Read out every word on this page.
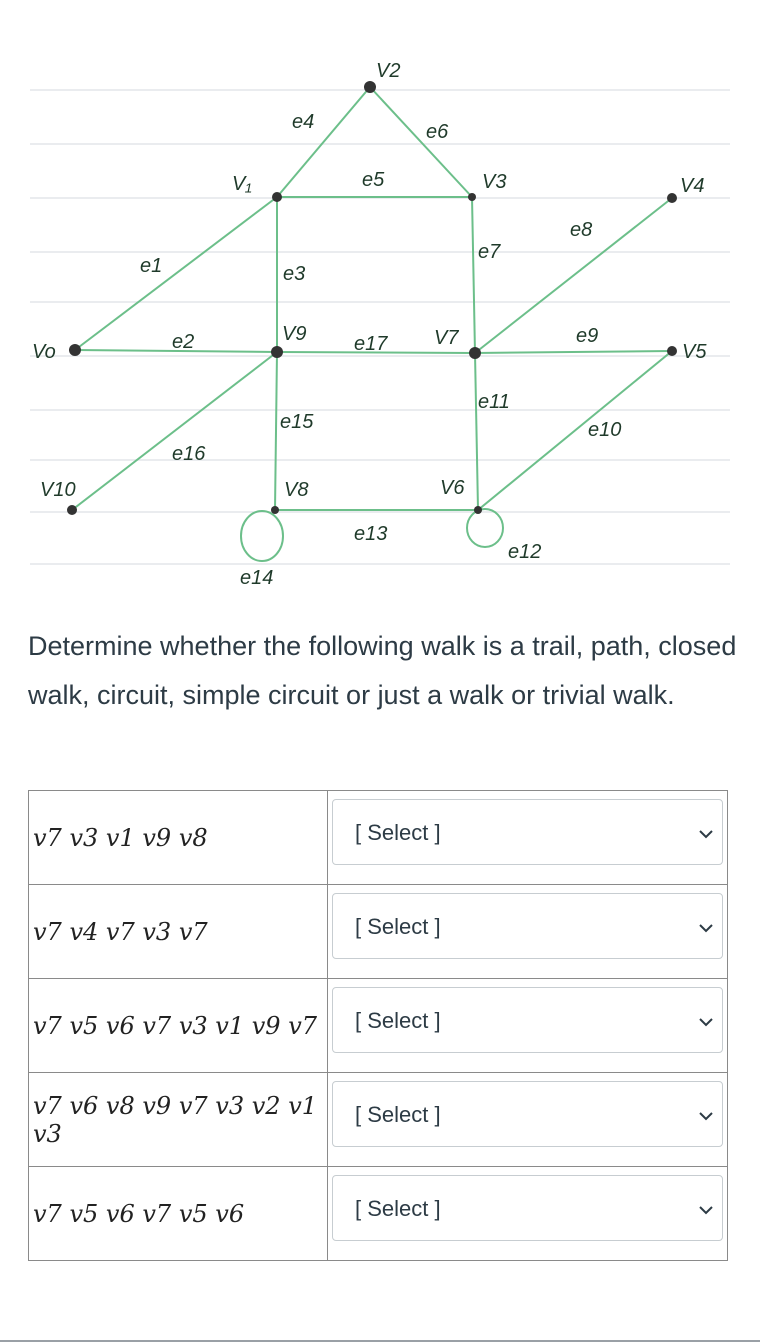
Vo
V₁
V2
V3	V4
V5
V6
V7
V8
V9
V10
e1
e2
e3
e4
e5
e6
e7
e8
e9
e10
e11
e12
e13
e14
e15
e16
e17
Determine whether the following walk is a trail, path, closed walk, circuit, simple circuit or just a walk or trivial walk.
v7 v3 v1 v9 v8	[ Select ]

v7 v4 v7 v3 v7	[ Select ]

v7 v5 v6 v7 v3 v1 v9 v7	[ Select ]

v7 v6 v8 v9 v7 v3 v2 v1 v3	[ Select ]

v7 v5 v6 v7 v5 v6	[ Select ]
